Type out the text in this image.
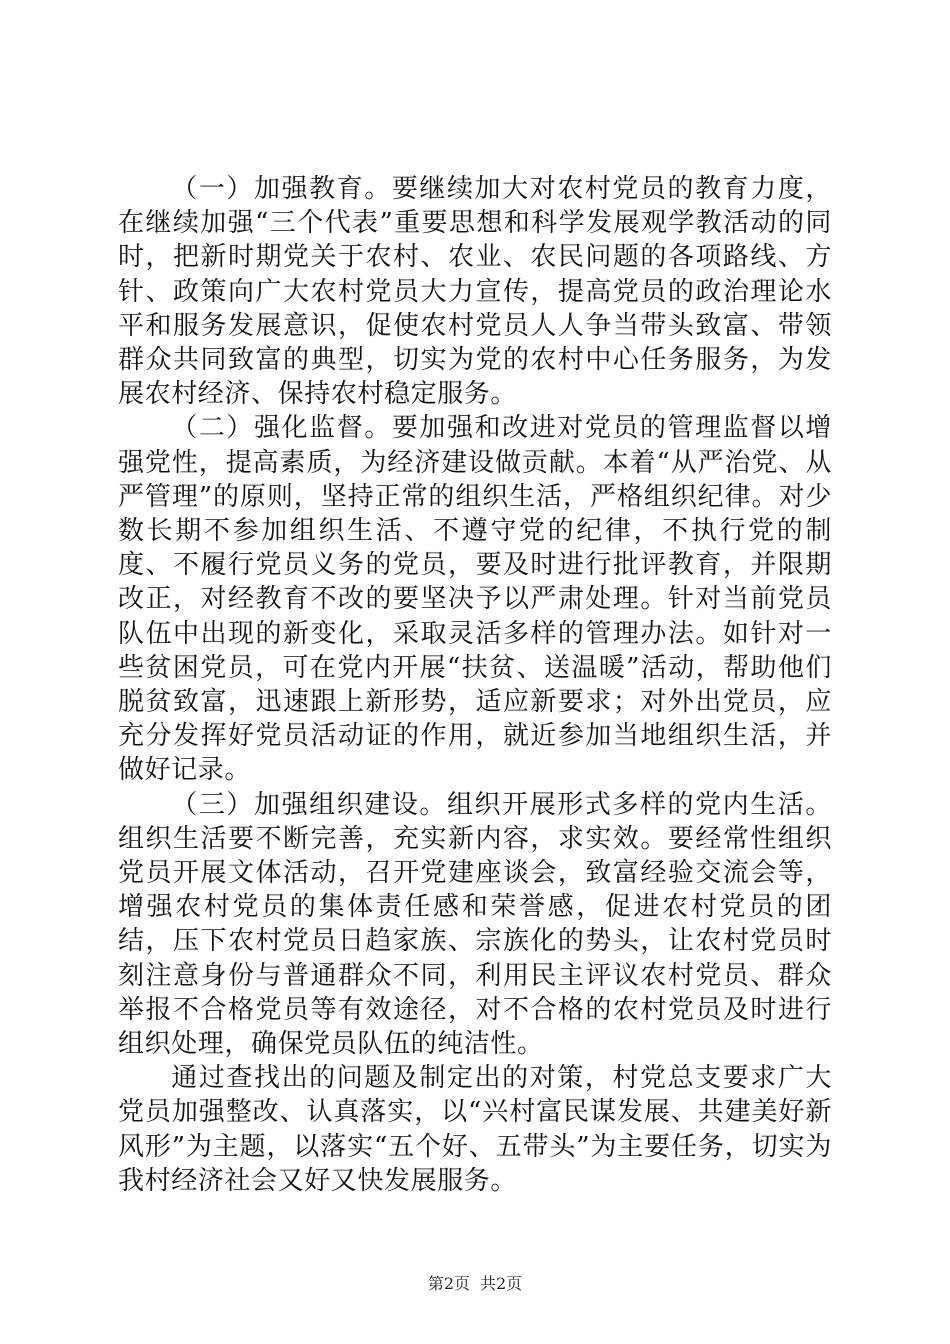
（一）加强教育。要继续加大对农村党员的教育力度，在继续加强“三个代表”重要思想和科学发展观学教活动的同时，把新时期党关于农村、农业、农民问题的各项路线、方针、政策向广大农村党员大力宣传，提高党员的政治理论水平和服务发展意识，促使农村党员人人争当带头致富、带领群众共同致富的典型，切实为党的农村中心任务服务，为发展农村经济、保持农村稳定服务。

（二）强化监督。要加强和改进对党员的管理监督以增强党性，提高素质，为经济建设做贡献。本着“从严治党、从严管理”的原则，坚持正常的组织生活，严格组织纪律。对少数长期不参加组织生活、不遵守党的纪律，不执行党的制度、不履行党员义务的党员，要及时进行批评教育，并限期改正，对经教育不改的要坚决予以严肃处理。针对当前党员队伍中出现的新变化，采取灵活多样的管理办法。如针对一些贫困党员，可在党内开展“扶贫、送温暖”活动，帮助他们脱贫致富，迅速跟上新形势，适应新要求；对外出党员，应充分发挥好党员活动证的作用，就近参加当地组织生活，并做好记录。

（三）加强组织建设。组织开展形式多样的党内生活。组织生活要不断完善，充实新内容，求实效。要经常性组织党员开展文体活动，召开党建座谈会，致富经验交流会等，增强农村党员的集体责任感和荣誉感，促进农村党员的团结，压下农村党员日趋家族、宗族化的势头，让农村党员时刻注意身份与普通群众不同，利用民主评议农村党员、群众举报不合格党员等有效途径，对不合格的农村党员及时进行组织处理，确保党员队伍的纯洁性。

通过查找出的问题及制定出的对策，村党总支要求广大党员加强整改、认真落实，以“兴村富民谋发展、共建美好新风形”为主题，以落实“五个好、五带头”为主要任务，切实为我村经济社会又好又快发展服务。

第2页 共2页
